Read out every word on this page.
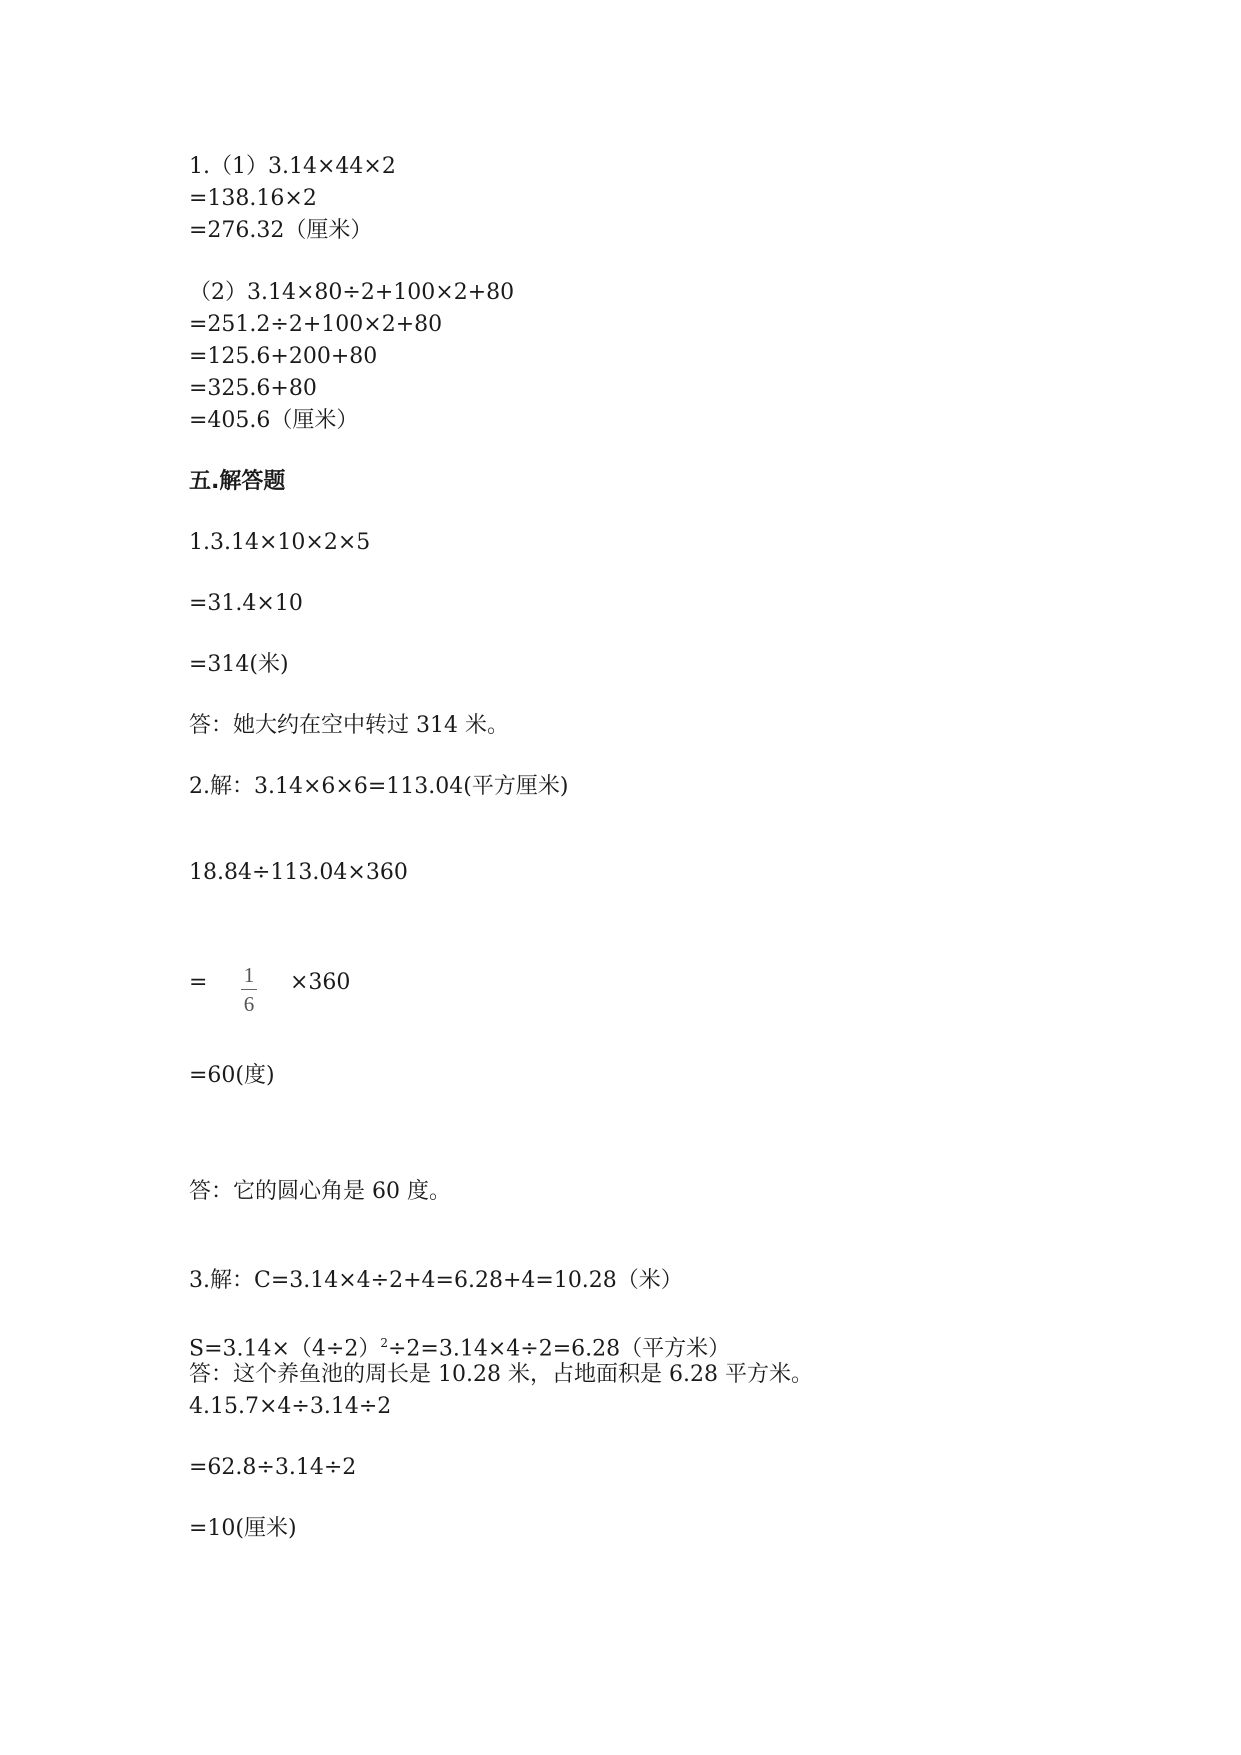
1.（1）3.14×44×2
=138.16×2
=276.32（厘米）
（2）3.14×80÷2+100×2+80
=251.2÷2+100×2+80
=125.6+200+80
=325.6+80
=405.6（厘米）
五.解答题
1.3.14×10×2×5
=31.4×10
=314(米)
答：她大约在空中转过 314 米。
2.解：3.14×6×6=113.04(平方厘米)
18.84÷113.04×360
= 1
6
×360
=60(度)
答：它的圆心角是 60 度。
3.解：C=3.14×4÷2+4=6.28+4=10.28（米）
$S=3.14\times(4\div 2)^2\div 2=3.14\times 4\div 2=6.28$（平方米）
答：这个养鱼池的周长是 10.28 米，占地面积是 6.28 平方米。
4.15.7×4÷3.14÷2
=62.8÷3.14÷2
=10(厘米)
